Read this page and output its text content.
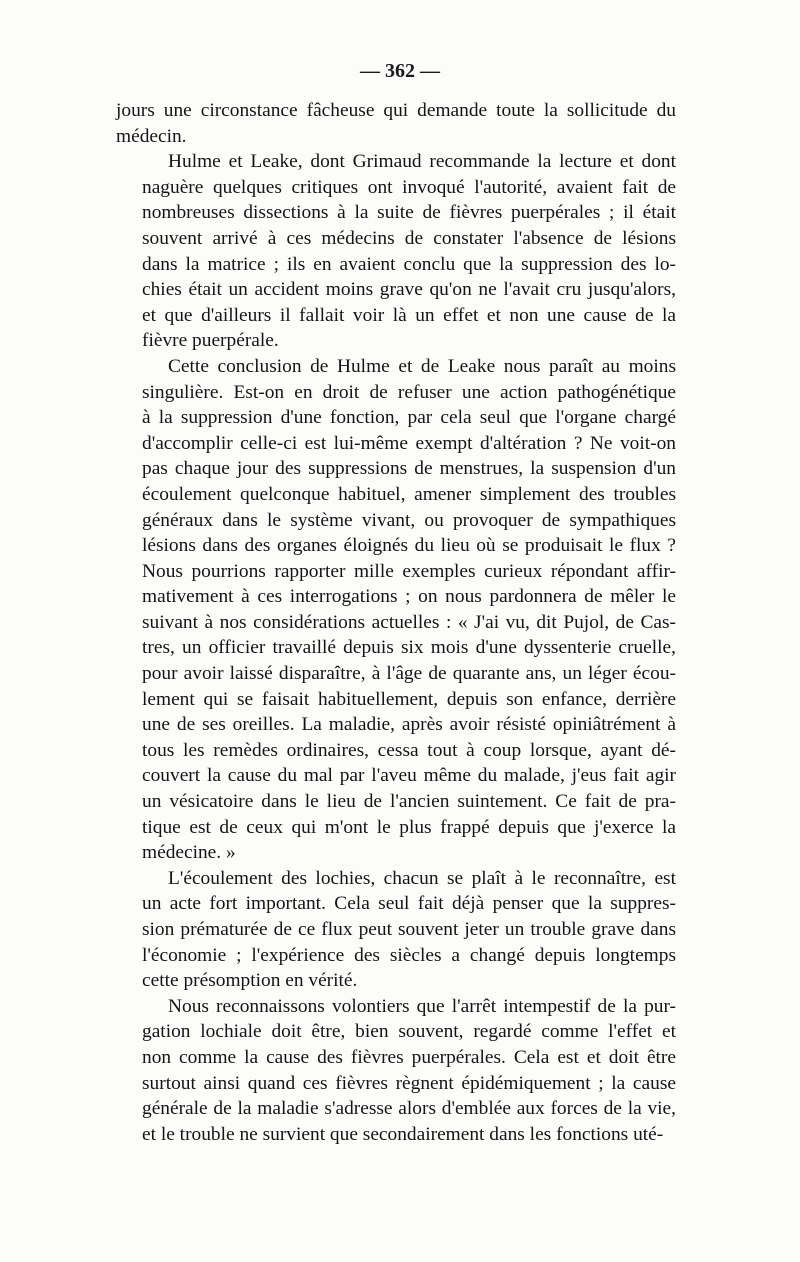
— 362 —

jours une circonstance fâcheuse qui demande toute la sollicitude du
médecin.

Hulme et Leake, dont Grimaud recommande la lecture et dont
naguère quelques critiques ont invoqué l'autorité, avaient fait de
nombreuses dissections à la suite de fièvres puerpérales ; il était
souvent arrivé à ces médecins de constater l'absence de lésions
dans la matrice ; ils en avaient conclu que la suppression des lo-
chies était un accident moins grave qu'on ne l'avait cru jusqu'alors,
et que d'ailleurs il fallait voir là un effet et non une cause de la
fièvre puerpérale.

Cette conclusion de Hulme et de Leake nous paraît au moins
singulière. Est-on en droit de refuser une action pathogénétique
à la suppression d'une fonction, par cela seul que l'organe chargé
d'accomplir celle-ci est lui-même exempt d'altération ? Ne voit-on
pas chaque jour des suppressions de menstrues, la suspension d'un
écoulement quelconque habituel, amener simplement des troubles
généraux dans le système vivant, ou provoquer de sympathiques
lésions dans des organes éloignés du lieu où se produisait le flux ?
Nous pourrions rapporter mille exemples curieux répondant affir-
mativement à ces interrogations ; on nous pardonnera de mêler le
suivant à nos considérations actuelles : « J'ai vu, dit Pujol, de Cas-
tres, un officier travaillé depuis six mois d'une dyssenterie cruelle,
pour avoir laissé disparaître, à l'âge de quarante ans, un léger écou-
lement qui se faisait habituellement, depuis son enfance, derrière
une de ses oreilles. La maladie, après avoir résisté opiniâtrément à
tous les remèdes ordinaires, cessa tout à coup lorsque, ayant dé-
couvert la cause du mal par l'aveu même du malade, j'eus fait agir
un vésicatoire dans le lieu de l'ancien suintement. Ce fait de pra-
tique est de ceux qui m'ont le plus frappé depuis que j'exerce la
médecine. »

L'écoulement des lochies, chacun se plaît à le reconnaître, est
un acte fort important. Cela seul fait déjà penser que la suppres-
sion prématurée de ce flux peut souvent jeter un trouble grave dans
l'économie ; l'expérience des siècles a changé depuis longtemps
cette présomption en vérité.

Nous reconnaissons volontiers que l'arrêt intempestif de la pur-
gation lochiale doit être, bien souvent, regardé comme l'effet et
non comme la cause des fièvres puerpérales. Cela est et doit être
surtout ainsi quand ces fièvres règnent épidémiquement ; la cause
générale de la maladie s'adresse alors d'emblée aux forces de la vie,
et le trouble ne survient que secondairement dans les fonctions uté-
